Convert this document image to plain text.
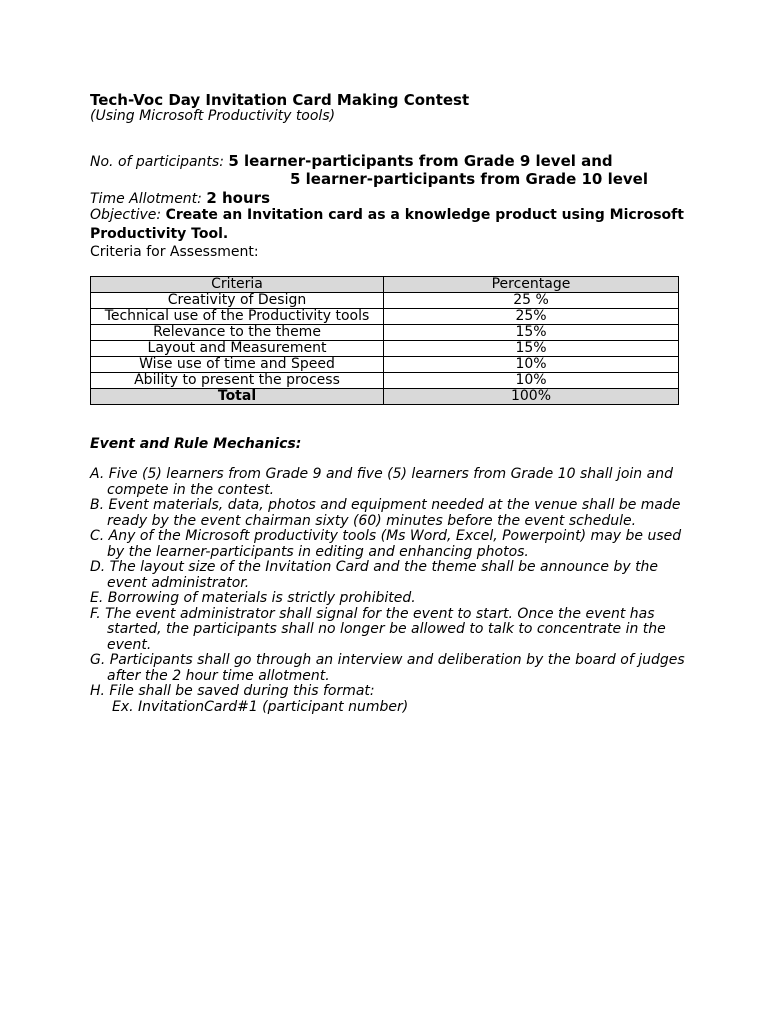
Tech-Voc Day Invitation Card Making Contest
(Using Microsoft Productivity tools)
No. of participants: 5 learner-participants from Grade 9 level and
5 learner-participants from Grade 10 level
Time Allotment: 2 hours
Objective: Create an Invitation card as a knowledge product using Microsoft Productivity Tool.
Criteria for Assessment:
Criteria	Percentage
Creativity of Design	25 %
Technical use of the Productivity tools	25%
Relevance to the theme	15%
Layout and Measurement	15%
Wise use of time and Speed	10%
Ability to present the process	10%
Total	100%
Event and Rule Mechanics:
A. Five (5) learners from Grade 9 and five (5) learners from Grade 10 shall join and compete in the contest.
B. Event materials, data, photos and equipment needed at the venue shall be made ready by the event chairman sixty (60) minutes before the event schedule.
C. Any of the Microsoft productivity tools (Ms Word, Excel, Powerpoint) may be used by the learner-participants in editing and enhancing photos.
D. The layout size of the Invitation Card and the theme shall be announce by the event administrator.
E. Borrowing of materials is strictly prohibited.
F. The event administrator shall signal for the event to start. Once the event has started, the participants shall no longer be allowed to talk to concentrate in the event.
G. Participants shall go through an interview and deliberation by the board of judges after the 2 hour time allotment.
H. File shall be saved during this format:
Ex. InvitationCard#1 (participant number)
